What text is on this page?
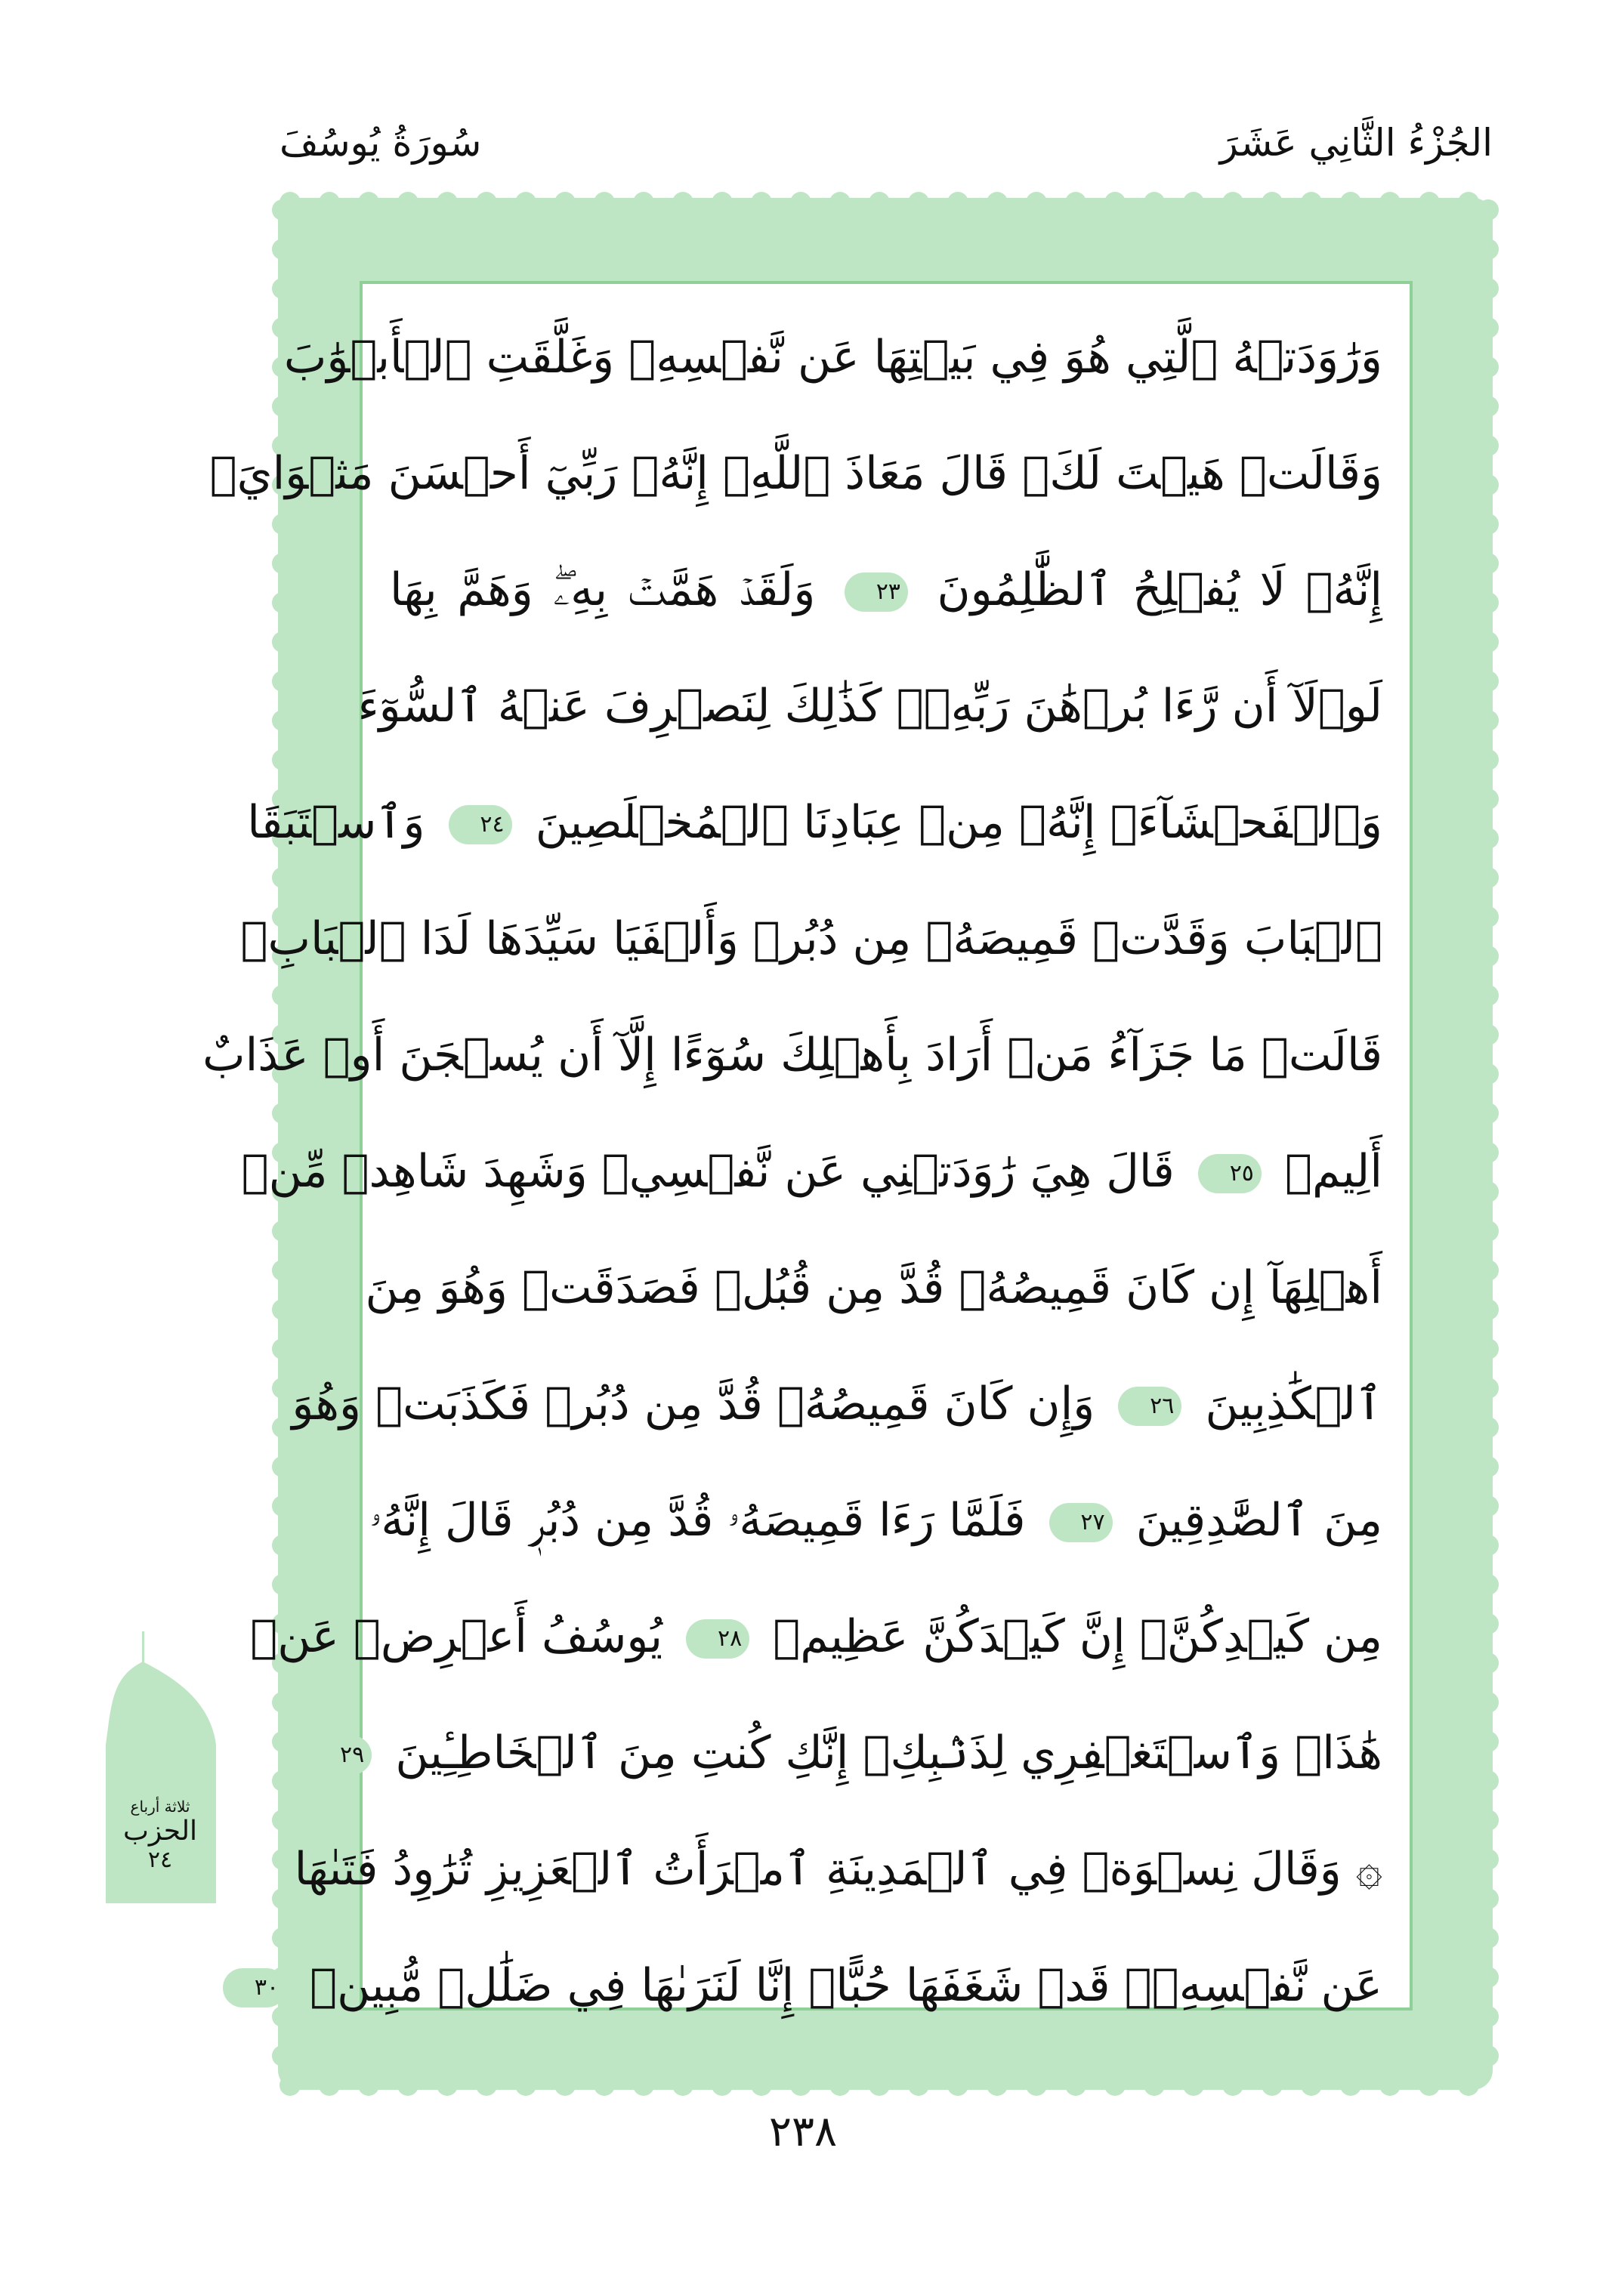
الجُزْءُ الثَّانِي عَشَرَ
سُورَةُ يُوسُفَ
وَرَٰوَدَتۡهُ ٱلَّتِي هُوَ فِي بَيۡتِهَا عَن نَّفۡسِهِۦ وَغَلَّقَتِ ٱلۡأَبۡوَٰبَ
وَقَالَتۡ هَيۡتَ لَكَۚ قَالَ مَعَاذَ ٱللَّهِۖ إِنَّهُۥ رَبِّيٓ أَحۡسَنَ مَثۡوَايَۖ
إِنَّهُۥ لَا يُفۡلِحُ ٱلظَّٰلِمُونَ ٢٣ وَلَقَدۡ هَمَّتۡ بِهِۦۖ وَهَمَّ بِهَا
لَوۡلَآ أَن رَّءَا بُرۡهَٰنَ رَبِّهِۦۚ كَذَٰلِكَ لِنَصۡرِفَ عَنۡهُ ٱلسُّوٓءَ
وَٱلۡفَحۡشَآءَۚ إِنَّهُۥ مِنۡ عِبَادِنَا ٱلۡمُخۡلَصِينَ ٢٤ وَٱسۡتَبَقَا
ٱلۡبَابَ وَقَدَّتۡ قَمِيصَهُۥ مِن دُبُرٖ وَأَلۡفَيَا سَيِّدَهَا لَدَا ٱلۡبَابِۚ
قَالَتۡ مَا جَزَآءُ مَنۡ أَرَادَ بِأَهۡلِكَ سُوٓءًا إِلَّآ أَن يُسۡجَنَ أَوۡ عَذَابٌ
أَلِيمٞ ٢٥ قَالَ هِيَ رَٰوَدَتۡنِي عَن نَّفۡسِيۚ وَشَهِدَ شَاهِدٞ مِّنۡ
أَهۡلِهَآ إِن كَانَ قَمِيصُهُۥ قُدَّ مِن قُبُلٖ فَصَدَقَتۡ وَهُوَ مِنَ
ٱلۡكَٰذِبِينَ ٢٦ وَإِن كَانَ قَمِيصُهُۥ قُدَّ مِن دُبُرٖ فَكَذَبَتۡ وَهُوَ
مِنَ ٱلصَّٰدِقِينَ ٢٧ فَلَمَّا رَءَا قَمِيصَهُۥ قُدَّ مِن دُبُرٖ قَالَ إِنَّهُۥ
مِن كَيۡدِكُنَّۖ إِنَّ كَيۡدَكُنَّ عَظِيمٞ ٢٨ يُوسُفُ أَعۡرِضۡ عَنۡ
هَٰذَاۚ وَٱسۡتَغۡفِرِي لِذَنۢبِكِۖ إِنَّكِ كُنتِ مِنَ ٱلۡخَاطِـِٔينَ ٢٩
۞ وَقَالَ نِسۡوَةٞ فِي ٱلۡمَدِينَةِ ٱمۡرَأَتُ ٱلۡعَزِيزِ تُرَٰوِدُ فَتَىٰهَا
عَن نَّفۡسِهِۦۖ قَدۡ شَغَفَهَا حُبًّاۖ إِنَّا لَنَرَىٰهَا فِي ضَلَٰلٖ مُّبِينٖ ٣٠
ثلاثة أرباع
الحزب
٢٤
٢٣٨
